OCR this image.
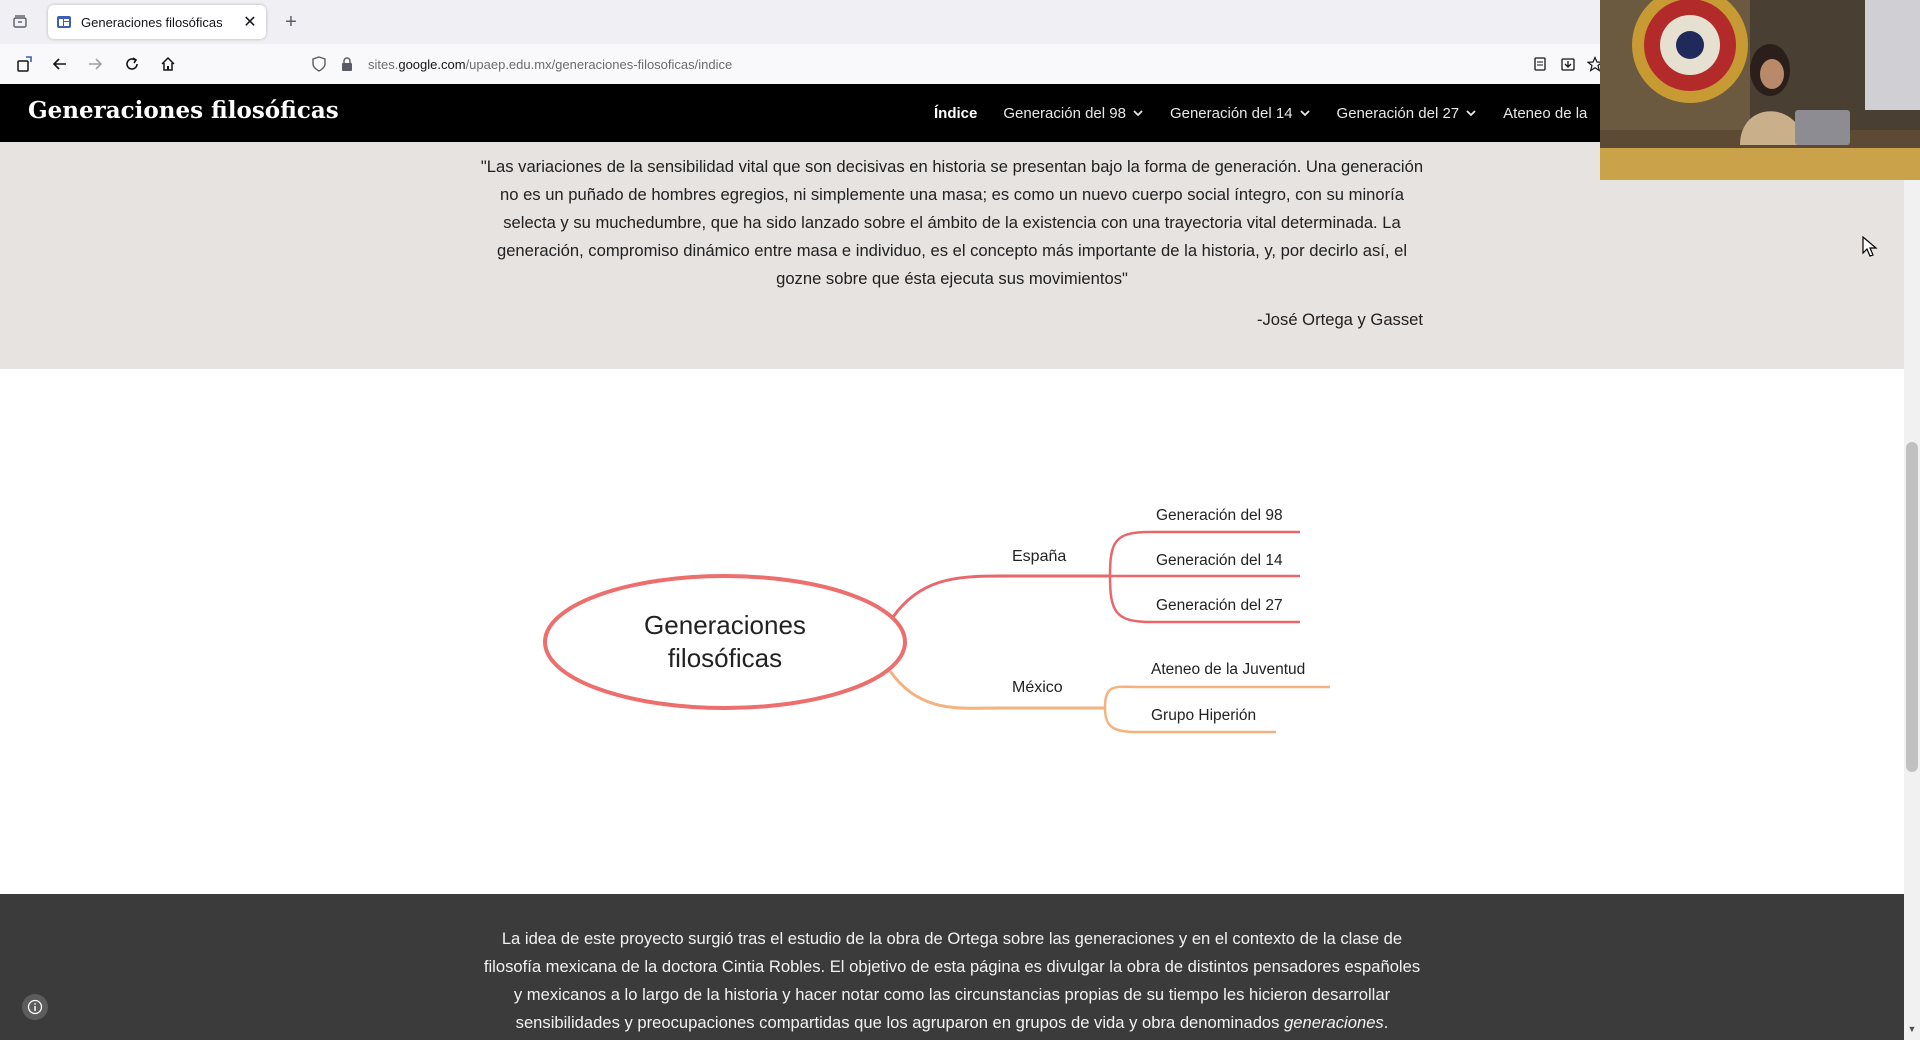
Generaciones filosóficas	✕ +
sites.google.com/upaep.edu.mx/generaciones-filosoficas/indice
Generaciones filosóficas	Índice Generación del 98	Generación del 14	Generación del 27	Ateneo de la
"Las variaciones de la sensibilidad vital que son decisivas en historia se presentan bajo la forma de generación. Una generación no es un puñado de hombres egregios, ni simplemente una masa; es como un nuevo cuerpo social íntegro, con su minoría selecta y su muchedumbre, que ha sido lanzado sobre el ámbito de la existencia con una trayectoria vital determinada. La generación, compromiso dinámico entre masa e individuo, es el concepto más importante de la historia, y, por decirlo así, el gozne sobre que ésta ejecuta sus movimientos"
-José Ortega y Gasset
Generaciones
filosóficas
España
Generación del 98
Generación del 14
Generación del 27
México
Ateneo de la Juventud
Grupo Hiperión
La idea de este proyecto surgió tras el estudio de la obra de Ortega sobre las generaciones y en el contexto de la clase de filosofía mexicana de la doctora Cintia Robles. El objetivo de esta página es divulgar la obra de distintos pensadores españoles y mexicanos a lo largo de la historia y hacer notar como las circunstancias propias de su tiempo les hicieron desarrollar sensibilidades y preocupaciones compartidas que los agruparon en grupos de vida y obra denominados generaciones.	▼
